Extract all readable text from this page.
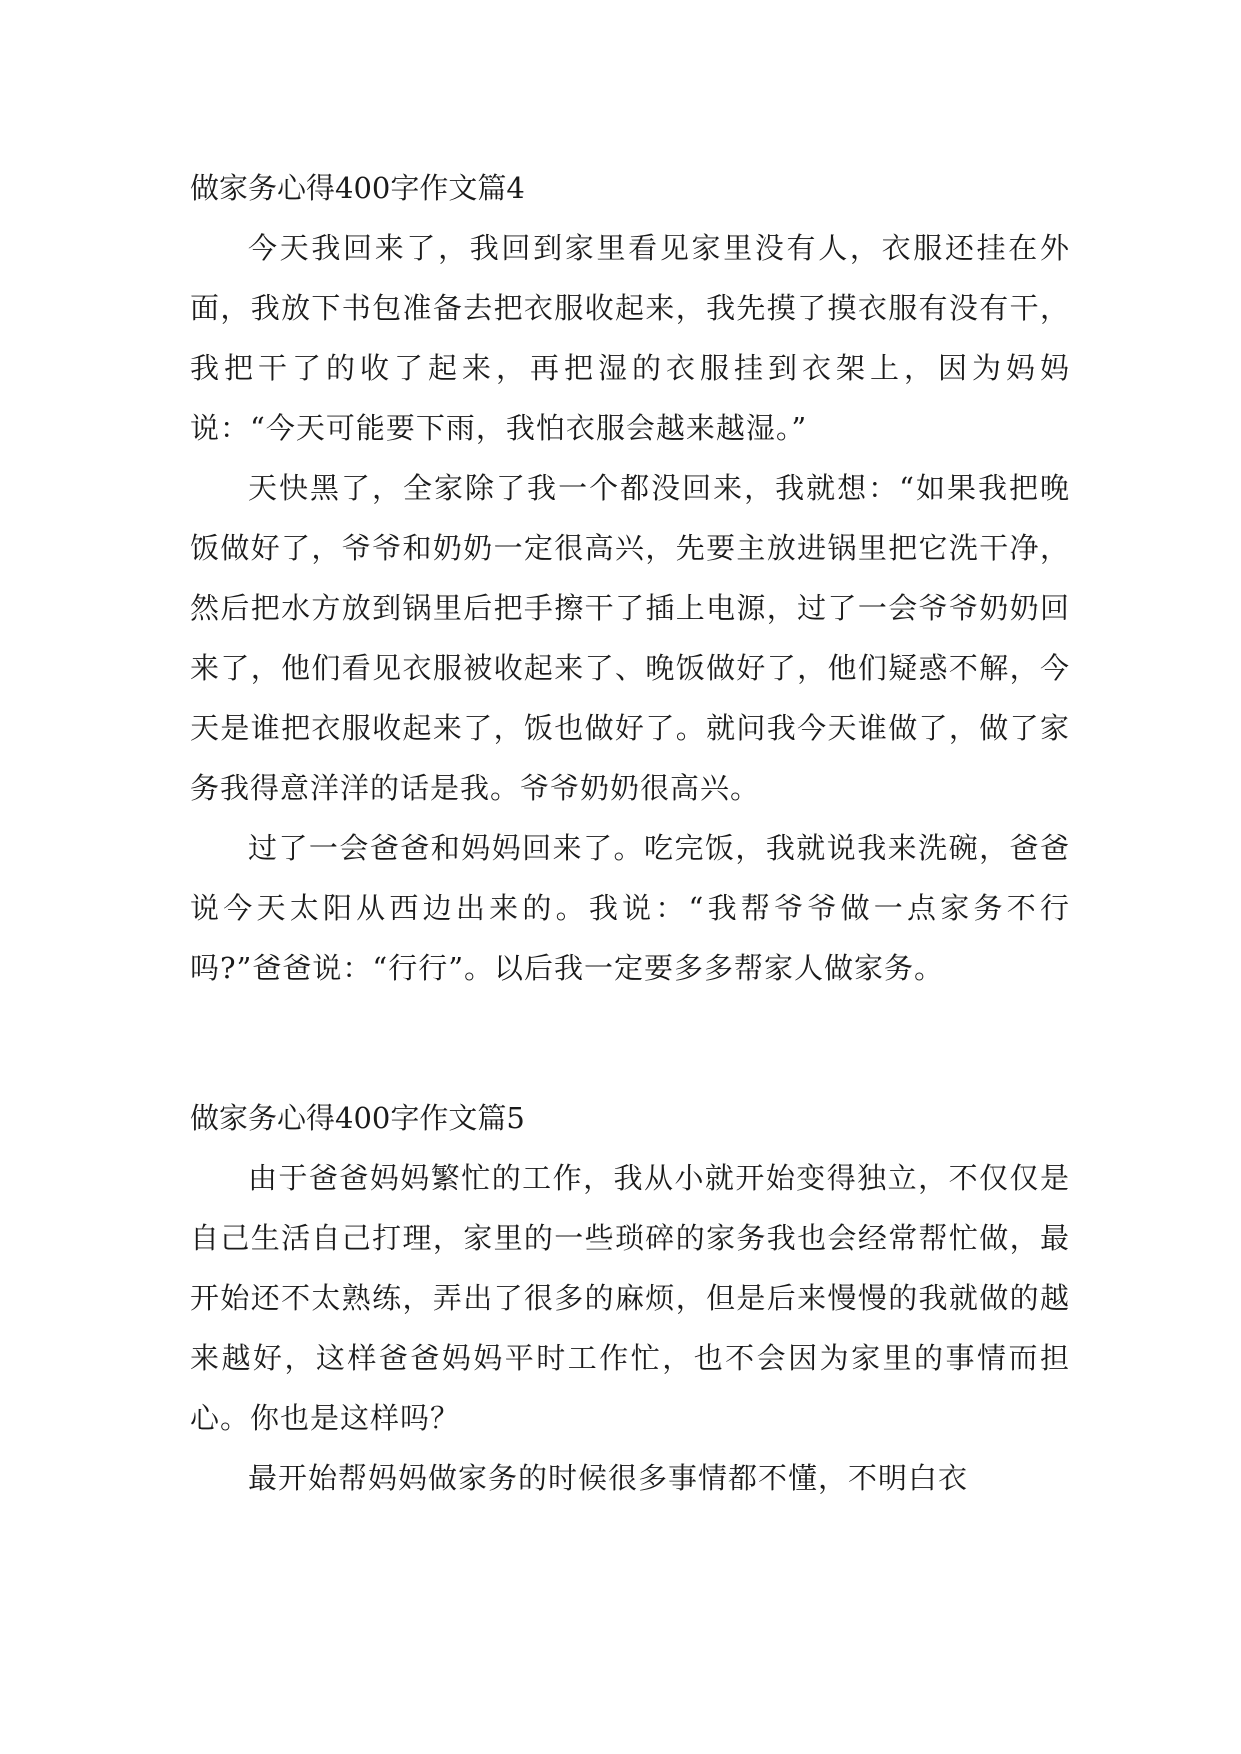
做家务心得400字作文篇4

今天我回来了，我回到家里看见家里没有人，衣服还挂在外面，我放下书包准备去把衣服收起来，我先摸了摸衣服有没有干，我把干了的收了起来，再把湿的衣服挂到衣架上，因为妈妈说：“今天可能要下雨，我怕衣服会越来越湿。”

天快黑了，全家除了我一个都没回来，我就想：“如果我把晚饭做好了，爷爷和奶奶一定很高兴，先要主放进锅里把它洗干净，然后把水方放到锅里后把手擦干了插上电源，过了一会爷爷奶奶回来了，他们看见衣服被收起来了、晚饭做好了，他们疑惑不解，今天是谁把衣服收起来了，饭也做好了。就问我今天谁做了，做了家务我得意洋洋的话是我。爷爷奶奶很高兴。

过了一会爸爸和妈妈回来了。吃完饭，我就说我来洗碗，爸爸说今天太阳从西边出来的。我说：“我帮爷爷做一点家务不行吗?”爸爸说：“行行”。以后我一定要多多帮家人做家务。

做家务心得400字作文篇5

由于爸爸妈妈繁忙的工作，我从小就开始变得独立，不仅仅是自己生活自己打理，家里的一些琐碎的家务我也会经常帮忙做，最开始还不太熟练，弄出了很多的麻烦，但是后来慢慢的我就做的越来越好，这样爸爸妈妈平时工作忙，也不会因为家里的事情而担心。你也是这样吗？

最开始帮妈妈做家务的时候很多事情都不懂，不明白衣
